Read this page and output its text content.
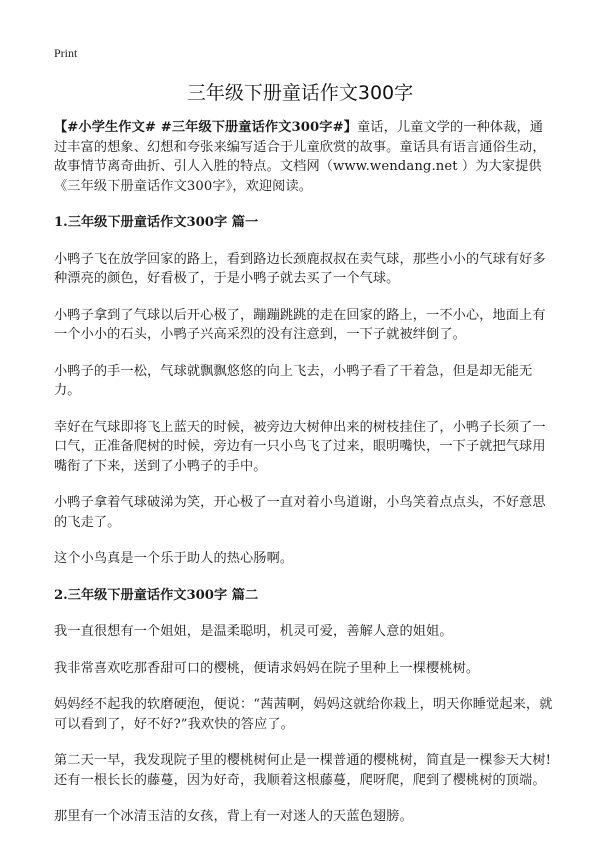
Print
三年级下册童话作文300字

【#小学生作文# #三年级下册童话作文300字#】童话，儿童文学的一种体裁，通过丰富的想象、幻想和夸张来编写适合于儿童欣赏的故事。童话具有语言通俗生动，故事情节离奇曲折、引人入胜的特点。文档网（www.wendang.net ）为大家提供《三年级下册童话作文300字》，欢迎阅读。

1.三年级下册童话作文300字 篇一

小鸭子飞在放学回家的路上，看到路边长颈鹿叔叔在卖气球，那些小小的气球有好多种漂亮的颜色，好看极了，于是小鸭子就去买了一个气球。

小鸭子拿到了气球以后开心极了，蹦蹦跳跳的走在回家的路上，一不小心，地面上有一个小小的石头，小鸭子兴高采烈的没有注意到，一下子就被绊倒了。

小鸭子的手一松，气球就飘飘悠悠的向上飞去，小鸭子看了干着急，但是却无能无力。

幸好在气球即将飞上蓝天的时候，被旁边大树伸出来的树枝挂住了，小鸭子长须了一口气，正准备爬树的时候，旁边有一只小鸟飞了过来，眼明嘴快，一下子就把气球用嘴衔了下来，送到了小鸭子的手中。

小鸭子拿着气球破涕为笑，开心极了一直对着小鸟道谢，小鸟笑着点点头，不好意思的飞走了。

这个小鸟真是一个乐于助人的热心肠啊。

2.三年级下册童话作文300字 篇二

我一直很想有一个姐姐，是温柔聪明，机灵可爱，善解人意的姐姐。

我非常喜欢吃那香甜可口的樱桃，便请求妈妈在院子里种上一棵樱桃树。

妈妈经不起我的软磨硬泡，便说：“茜茜啊，妈妈这就给你栽上，明天你睡觉起来，就可以看到了，好不好?”我欢快的答应了。

第二天一早，我发现院子里的樱桃树何止是一棵普通的樱桃树，简直是一棵参天大树!还有一根长长的藤蔓，因为好奇，我顺着这根藤蔓，爬呀爬，爬到了樱桃树的顶端。

那里有一个冰清玉洁的女孩，背上有一对迷人的天蓝色翅膀。
